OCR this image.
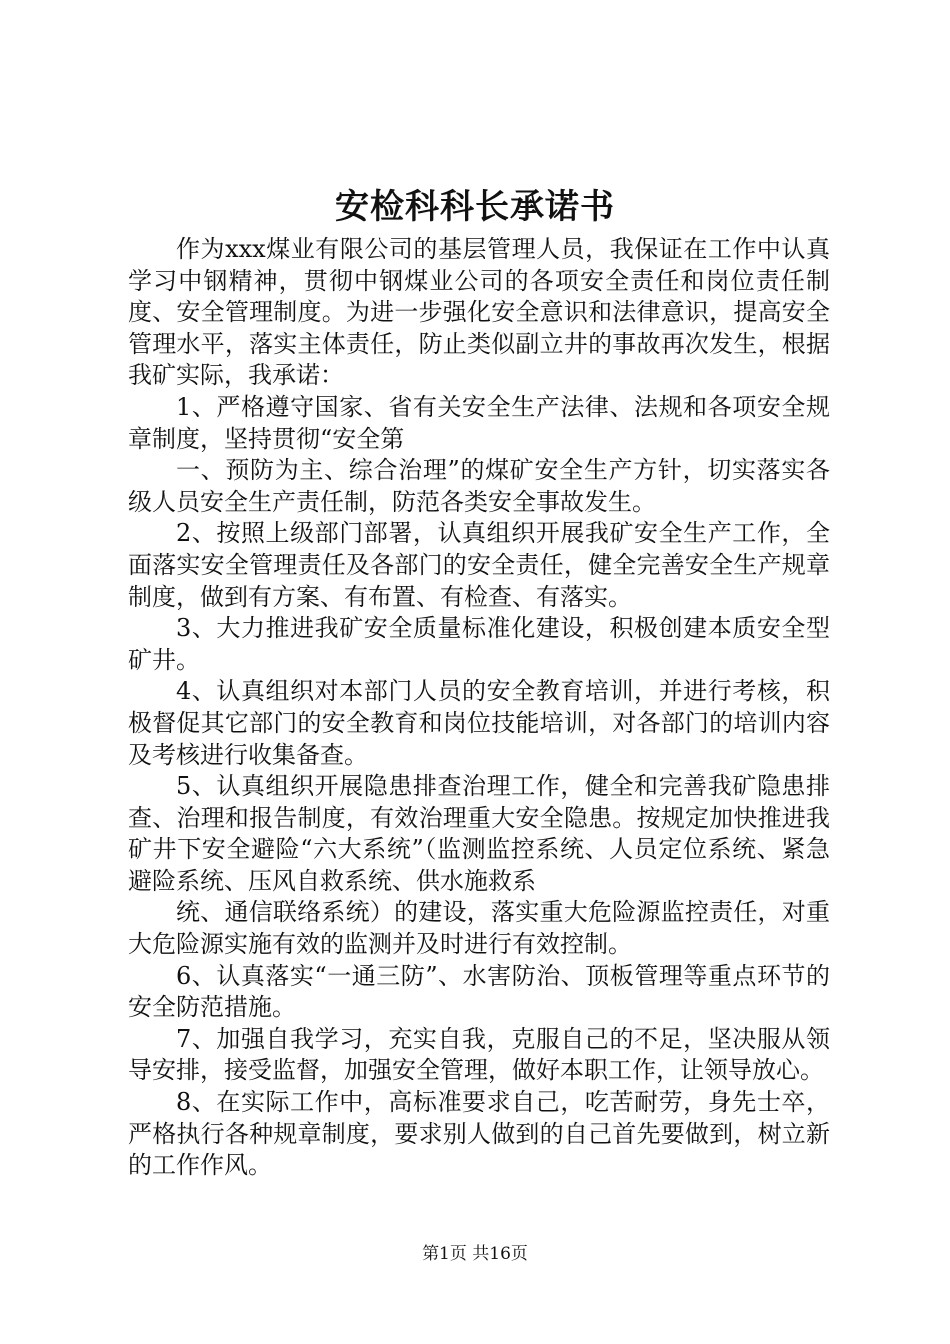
安检科科长承诺书

作为xxx煤业有限公司的基层管理人员，我保证在工作中认真学习中钢精神，贯彻中钢煤业公司的各项安全责任和岗位责任制度、安全管理制度。为进一步强化安全意识和法律意识，提高安全管理水平，落实主体责任，防止类似副立井的事故再次发生，根据我矿实际，我承诺：

1、严格遵守国家、省有关安全生产法律、法规和各项安全规章制度，坚持贯彻“安全第

一、预防为主、综合治理”的煤矿安全生产方针，切实落实各级人员安全生产责任制，防范各类安全事故发生。

2、按照上级部门部署，认真组织开展我矿安全生产工作，全面落实安全管理责任及各部门的安全责任，健全完善安全生产规章制度，做到有方案、有布置、有检查、有落实。

3、大力推进我矿安全质量标准化建设，积极创建本质安全型矿井。

4、认真组织对本部门人员的安全教育培训，并进行考核，积极督促其它部门的安全教育和岗位技能培训，对各部门的培训内容及考核进行收集备查。

5、认真组织开展隐患排查治理工作，健全和完善我矿隐患排查、治理和报告制度，有效治理重大安全隐患。按规定加快推进我矿井下安全避险“六大系统”（监测监控系统、人员定位系统、紧急避险系统、压风自救系统、供水施救系

统、通信联络系统）的建设，落实重大危险源监控责任，对重大危险源实施有效的监测并及时进行有效控制。

6、认真落实“一通三防”、水害防治、顶板管理等重点环节的安全防范措施。

7、加强自我学习，充实自我，克服自己的不足，坚决服从领导安排，接受监督，加强安全管理，做好本职工作，让领导放心。

8、在实际工作中，高标准要求自己，吃苦耐劳，身先士卒，严格执行各种规章制度，要求别人做到的自己首先要做到，树立新的工作作风。

第1页 共16页
